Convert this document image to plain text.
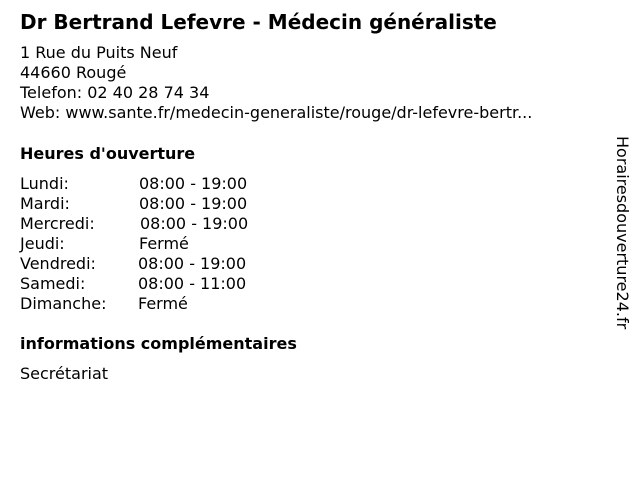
Dr Bertrand Lefevre - Médecin généraliste
1 Rue du Puits Neuf
44660 Rougé
Telefon: 02 40 28 74 34
Web: www.sante.fr/medecin-generaliste/rouge/dr-lefevre-bertr...
Heures d'ouverture
Lundi:	08:00 - 19:00
Mardi:	08:00 - 19:00
Mercredi:	08:00 - 19:00
Jeudi:	Fermé
Vendredi:	08:00 - 19:00
Samedi:	08:00 - 11:00
Dimanche: Fermé
informations complémentaires
Secrétariat
Horairesdouverture24.fr
